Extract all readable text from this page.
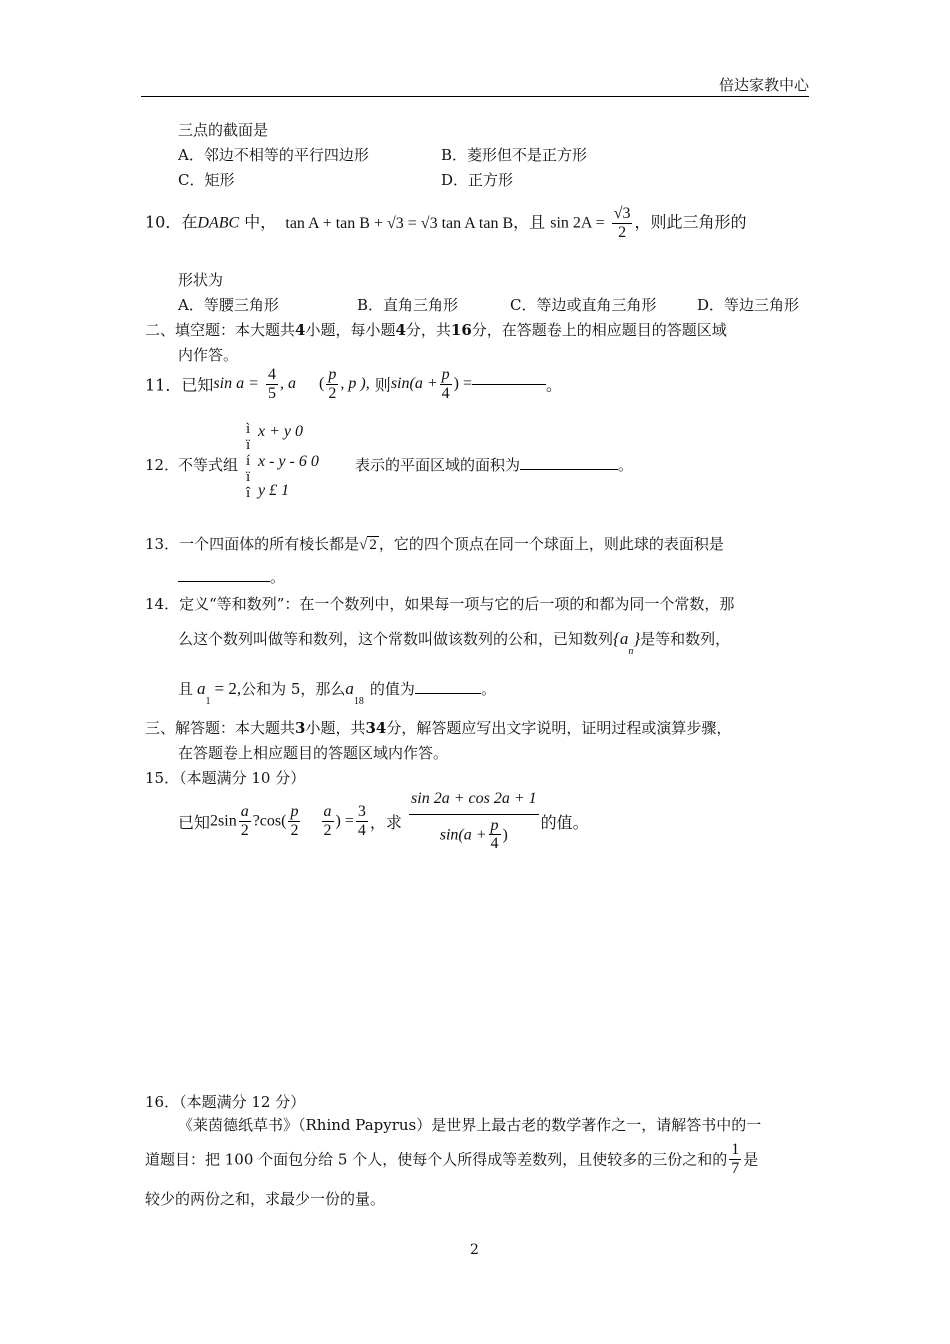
倍达家教中心
三点的截面是
A．邻边不相等的平行四边形	B．菱形但不是正方形
C．矩形	D．正方形
10．在DABC 中， tan A + tan B + √3 = √3 tan A tan B，且 $\sin 2A = \frac{√3}{2}$ ，则此三角形的
形状为
A．等腰三角形	B．直角三角形	C．等边或直角三角形	D．等边三角形
二、填空题：本大题共4小题，每小题4分，共16分，在答题卷上的相应题目的答题区域
内作答。
11．已知$\sin a = \frac{4}{5}$ , a ( $\frac{p}{2}$ , p ), 则$\sin(a + \frac{p}{4}$ ) =	。
12．
不等式组
ì
ï
í
ï
î
x + y 0
x - y - 6 0
y £ 1
表示的平面区域的面积为	。
13．一个四面体的所有棱长都是√ 2 ，它的四个顶点在同一个球面上，则此球的表面积是
。
14．定义“等和数列”：在一个数列中，如果每一项与它的后一项的和都为同一个常数，那
么这个数列叫做等和数列，这个常数叫做该数列的公和，已知数列$\{a_n\}$是等和数列，
且 $a_1= 2$,公和为 5，那么$a_{18}$的值为	。
三、解答题：本大题共3小题，共34分，解答题应写出文字说明，证明过程或演算步骤，
在答题卷上相应题目的答题区域内作答。
15．（本题满分 10 分）
已知$2\sin \frac{a}{2}$ ?cos( $\frac{p}{2}$
$\frac{a}{2}$ ) = $\frac{3}{4}$ ，求 $\frac{\sin 2a + \cos 2a + 1}{\sin(a + \frac{p}{4} )}$ 的值。
16．（本题满分 12 分）
《莱茵德纸草书》（Rhind Papyrus）是世界上最古老的数学著作之一，请解答书中的一
道题目：把 100 个面包分给 5 个人，使每个人所得成等差数列，且使较多的三份之和的 $\frac{1}{7}$ 是
较少的两份之和，求最少一份的量。
2
